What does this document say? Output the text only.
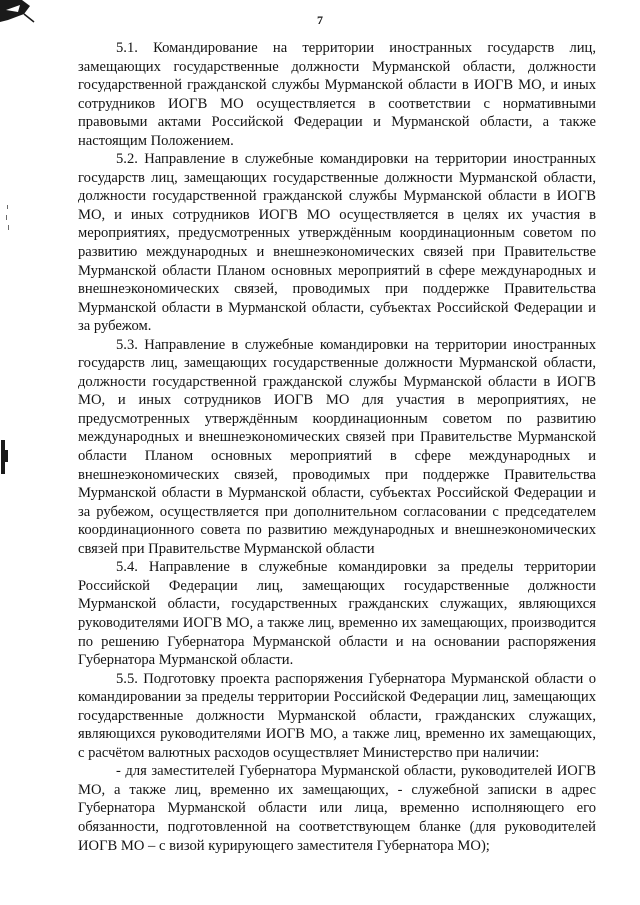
7

5.1. Командирование на территории иностранных государств лиц, замещающих государственные должности Мурманской области, должности государственной гражданской службы Мурманской области в ИОГВ МО, и иных сотрудников ИОГВ МО осуществляется в соответствии с нормативными правовыми актами Российской Федерации и Мурманской области, а также настоящим Положением.

5.2. Направление в служебные командировки на территории иностранных государств лиц, замещающих государственные должности Мурманской области, должности государственной гражданской службы Мурманской области в ИОГВ МО, и иных сотрудников ИОГВ МО осуществляется в целях их участия в мероприятиях, предусмотренных утверждённым координационным советом по развитию международных и внешнеэкономических связей при Правительстве Мурманской области Планом основных мероприятий в сфере международных и внешнеэкономических связей, проводимых при поддержке Правительства Мурманской области в Мурманской области, субъектах Российской Федерации и за рубежом.

5.3. Направление в служебные командировки на территории иностранных государств лиц, замещающих государственные должности Мурманской области, должности государственной гражданской службы Мурманской области в ИОГВ МО, и иных сотрудников ИОГВ МО для участия в мероприятиях, не предусмотренных утверждённым координационным советом по развитию международных и внешнеэкономических связей при Правительстве Мурманской области Планом основных мероприятий в сфере международных и внешнеэкономических связей, проводимых при поддержке Правительства Мурманской области в Мурманской области, субъектах Российской Федерации и за рубежом, осуществляется при дополнительном согласовании с председателем координационного совета по развитию международных и внешнеэкономических связей при Правительстве Мурманской области

5.4. Направление в служебные командировки за пределы территории Российской Федерации лиц, замещающих государственные должности Мурманской области, государственных гражданских служащих, являющихся руководителями ИОГВ МО, а также лиц, временно их замещающих, производится по решению Губернатора Мурманской области и на основании распоряжения Губернатора Мурманской области.

5.5. Подготовку проекта распоряжения Губернатора Мурманской области о командировании за пределы территории Российской Федерации лиц, замещающих государственные должности Мурманской области, гражданских служащих, являющихся руководителями ИОГВ МО, а также лиц, временно их замещающих, с расчётом валютных расходов осуществляет Министерство при наличии:

- для заместителей Губернатора Мурманской области, руководителей ИОГВ МО, а также лиц, временно их замещающих, - служебной записки в адрес Губернатора Мурманской области или лица, временно исполняющего его обязанности, подготовленной на соответствующем бланке (для руководителей ИОГВ МО – с визой курирующего заместителя Губернатора МО);
